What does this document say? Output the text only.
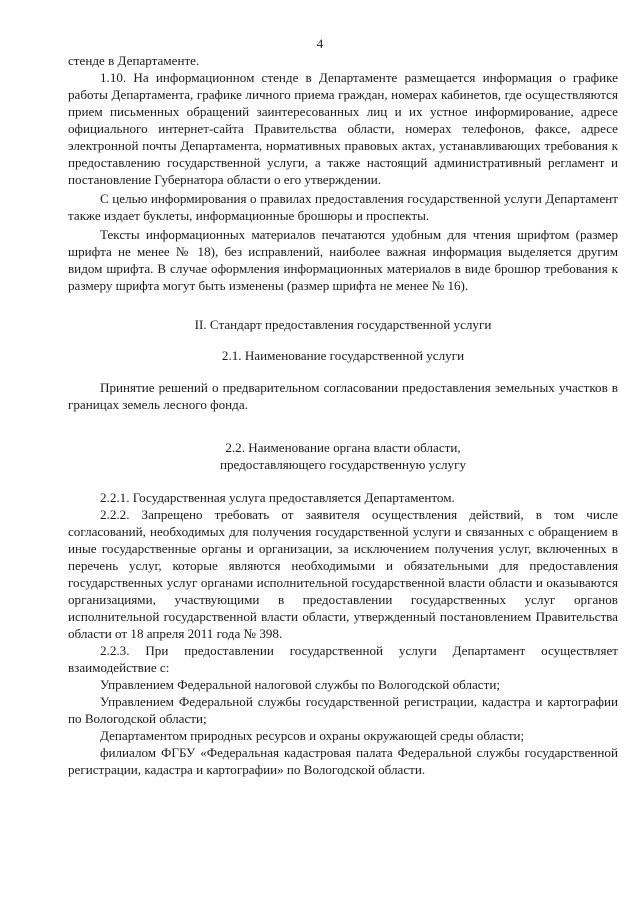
4

стенде в Департаменте.

1.10. На информационном стенде в Департаменте размещается информация о графике работы Департамента, графике личного приема граждан, номерах кабинетов, где осуществляются прием письменных обращений заинтересованных лиц и их устное информирование, адресе официального интернет-сайта Правительства области, номерах телефонов, факсе, адресе электронной почты Департамента, нормативных правовых актах, устанавливающих требования к предоставлению государственной услуги, а также настоящий административный регламент и постановление Губернатора области о его утверждении.

С целью информирования о правилах предоставления государственной услуги Департамент также издает буклеты, информационные брошюры и проспекты.

Тексты информационных материалов печатаются удобным для чтения шрифтом (размер шрифта не менее № 18), без исправлений, наиболее важная информация выделяется другим видом шрифта. В случае оформления информационных материалов в виде брошюр требования к размеру шрифта могут быть изменены (размер шрифта не менее № 16).

II. Стандарт предоставления государственной услуги

2.1. Наименование государственной услуги

Принятие решений о предварительном согласовании предоставления земельных участков в границах земель лесного фонда.

2.2. Наименование органа власти области,

предоставляющего государственную услугу

2.2.1. Государственная услуга предоставляется Департаментом.

2.2.2. Запрещено требовать от заявителя осуществления действий, в том числе согласований, необходимых для получения государственной услуги и связанных с обращением в иные государственные органы и организации, за исключением получения услуг, включенных в перечень услуг, которые являются необходимыми и обязательными для предоставления государственных услуг органами исполнительной государственной власти области и оказываются организациями, участвующими в предоставлении государственных услуг органов исполнительной государственной власти области, утвержденный постановлением Правительства области от 18 апреля 2011 года № 398.

2.2.3. При предоставлении государственной услуги Департамент осуществляет взаимодействие с:

Управлением Федеральной налоговой службы по Вологодской области;

Управлением Федеральной службы государственной регистрации, кадастра и картографии по Вологодской области;

Департаментом природных ресурсов и охраны окружающей среды области;

филиалом ФГБУ «Федеральная кадастровая палата Федеральной службы государственной регистрации, кадастра и картографии» по Вологодской области.
